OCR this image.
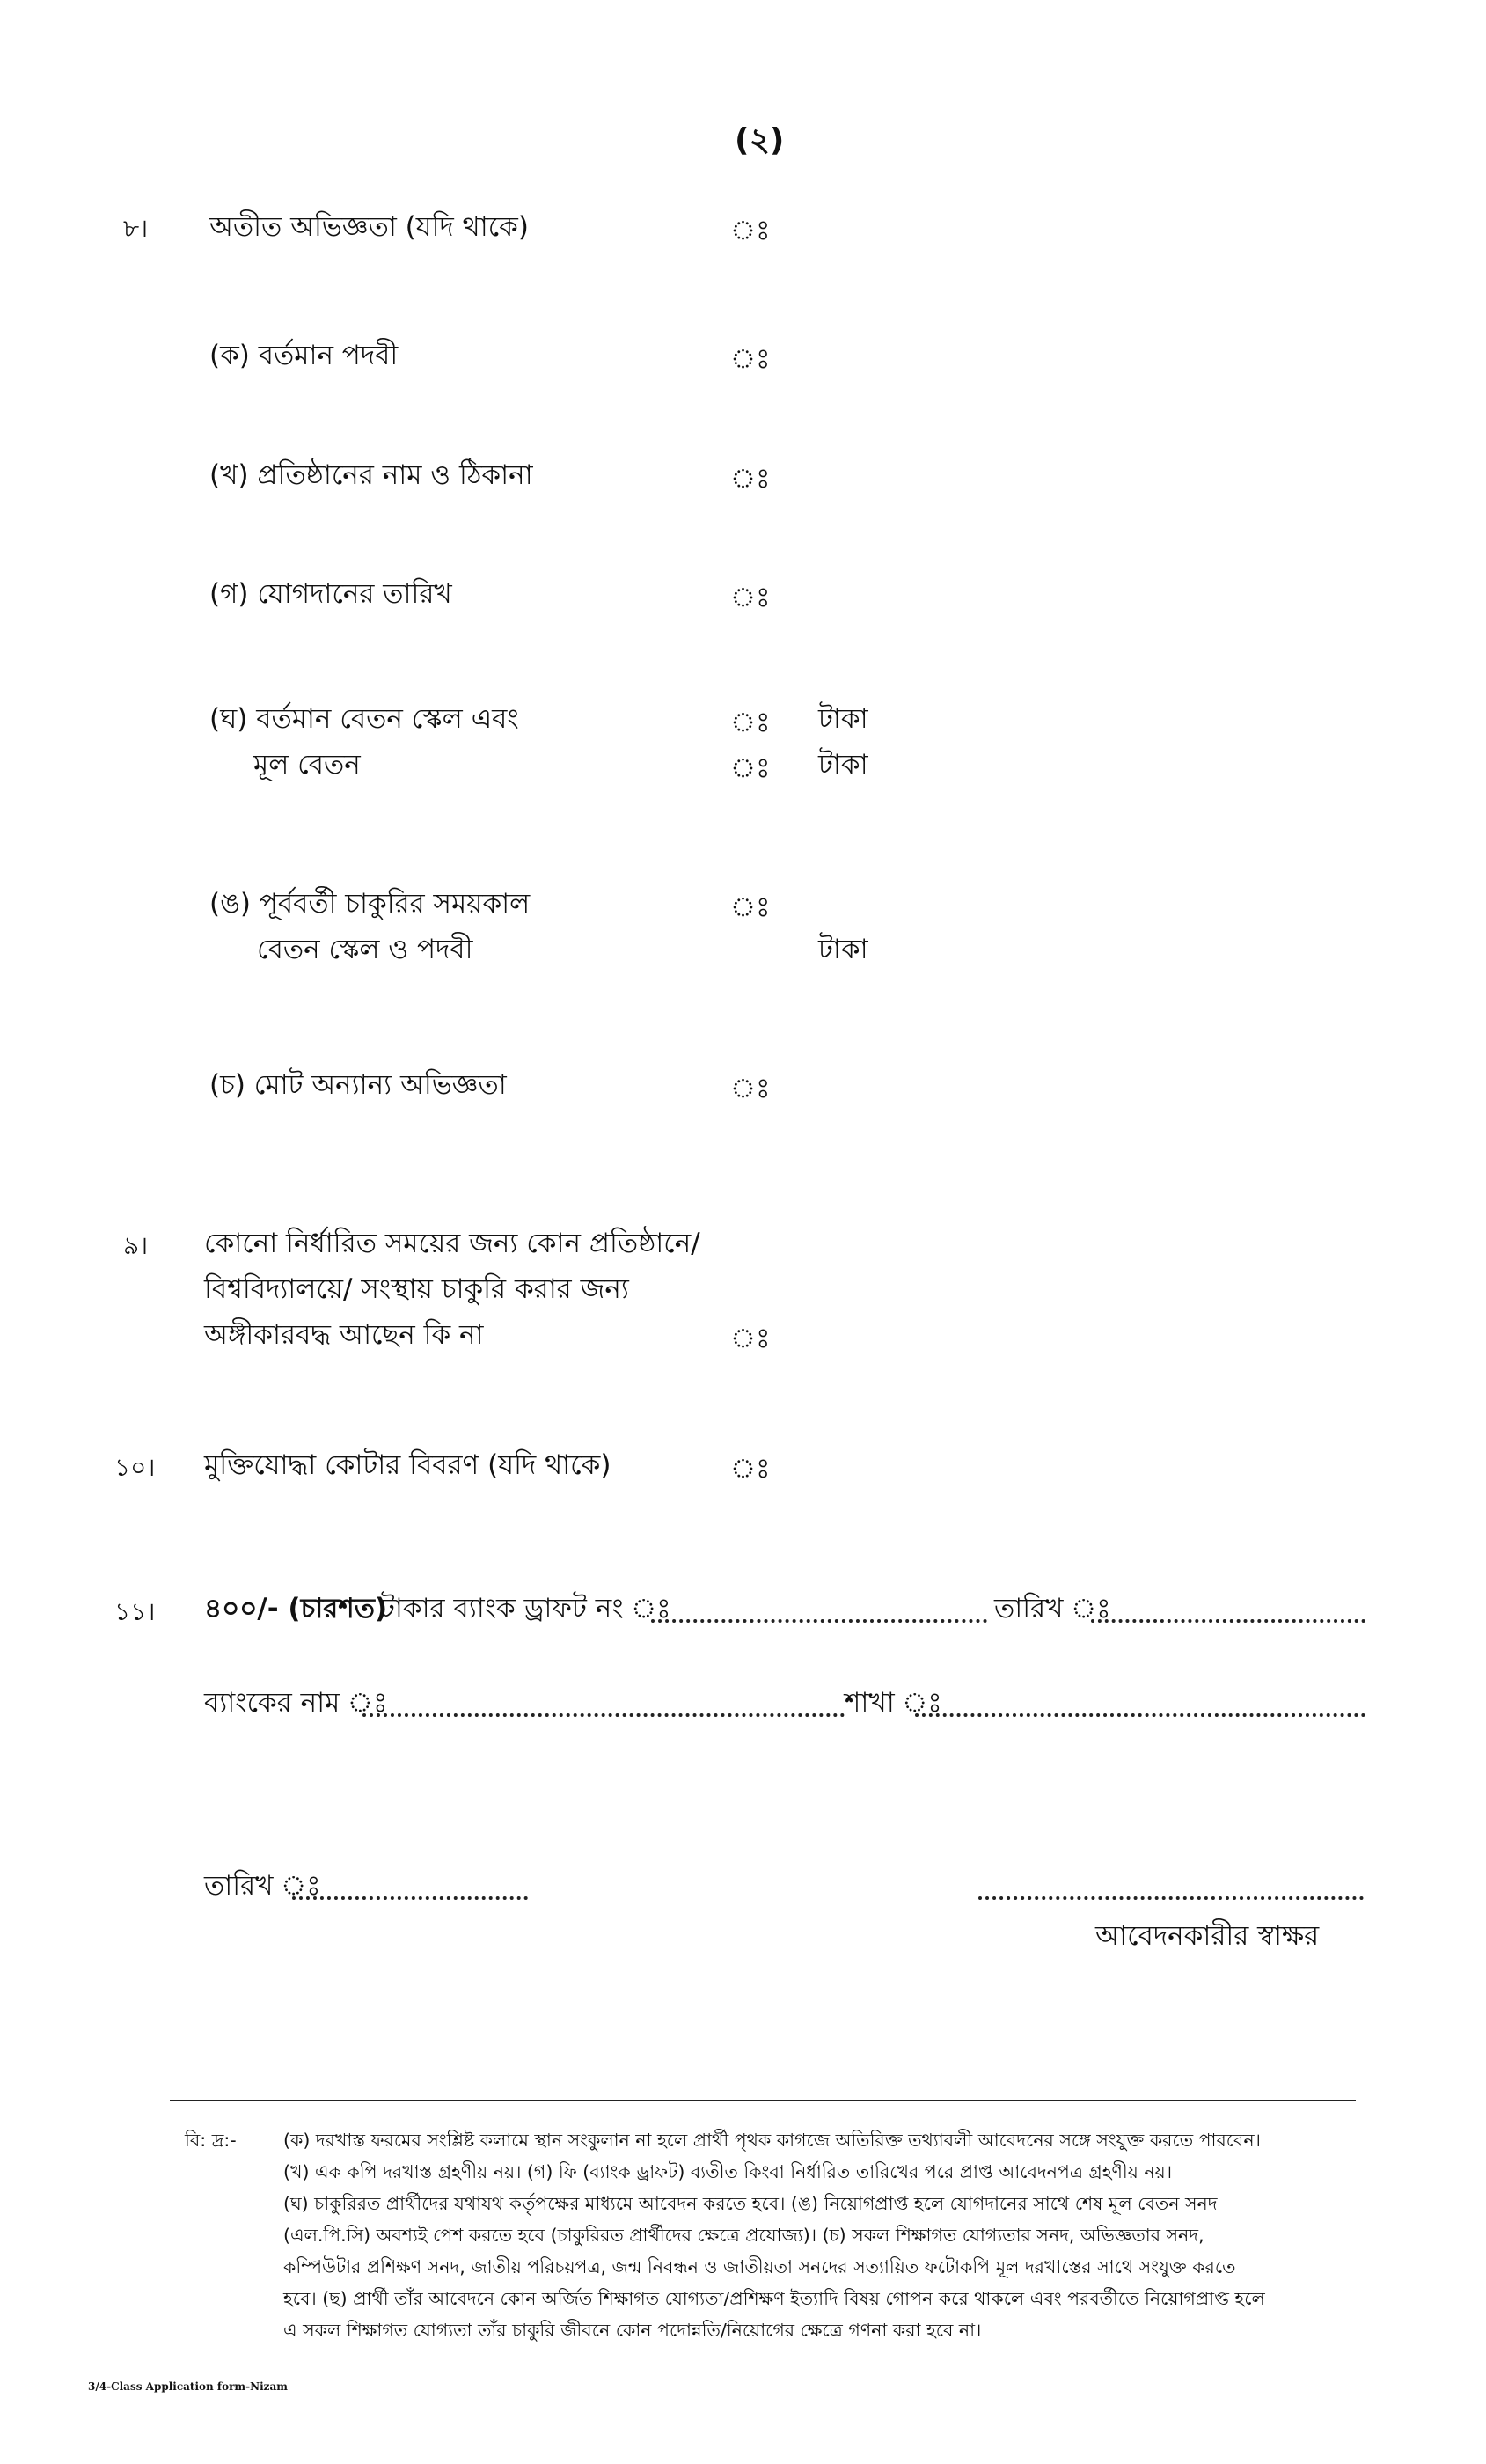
(২)
৮। অতীত অভিজ্ঞতা (যদি থাকে)	ঃ
(ক) বর্তমান পদবী	ঃ
(খ) প্রতিষ্ঠানের নাম ও ঠিকানা	ঃ
(গ) যোগদানের তারিখ	ঃ
(ঘ) বর্তমান বেতন স্কেল এবং	ঃ টাকা
মূল বেতন	ঃ টাকা
(ঙ) পূর্ববর্তী চাকুরির সময়কাল	ঃ
বেতন স্কেল ও পদবী	টাকা
(চ) মোট অন্যান্য অভিজ্ঞতা	ঃ
৯। কোনো নির্ধারিত সময়ের জন্য কোন প্রতিষ্ঠানে/
বিশ্ববিদ্যালয়ে/ সংস্থায় চাকুরি করার জন্য
অঙ্গীকারবদ্ধ আছেন কি না	ঃ
১০। মুক্তিযোদ্ধা কোটার বিবরণ (যদি থাকে)	ঃ
১১। ৪০০/- (চারশত)
টাকার ব্যাংক ড্রাফট নং ঃ	তারিখ ঃ
ব্যাংকের নাম ঃ	শাখা ঃ
তারিখ ঃ
আবেদনকারীর স্বাক্ষর
বি: দ্র:-	(ক) দরখাস্ত ফরমের সংশ্লিষ্ট কলামে স্থান সংকুলান না হলে প্রার্থী পৃথক কাগজে অতিরিক্ত তথ্যাবলী আবেদনের সঙ্গে সংযুক্ত করতে পারবেন।
(খ) এক কপি দরখাস্ত গ্রহণীয় নয়। (গ) ফি (ব্যাংক ড্রাফট) ব্যতীত কিংবা নির্ধারিত তারিখের পরে প্রাপ্ত আবেদনপত্র গ্রহণীয় নয়।
(ঘ) চাকুরিরত প্রার্থীদের যথাযথ কর্তৃপক্ষের মাধ্যমে আবেদন করতে হবে। (ঙ) নিয়োগপ্রাপ্ত হলে যোগদানের সাথে শেষ মূল বেতন সনদ
(এল.পি.সি) অবশ্যই পেশ করতে হবে (চাকুরিরত প্রার্থীদের ক্ষেত্রে প্রযোজ্য)। (চ) সকল শিক্ষাগত যোগ্যতার সনদ, অভিজ্ঞতার সনদ,
কম্পিউটার প্রশিক্ষণ সনদ, জাতীয় পরিচয়পত্র, জন্ম নিবন্ধন ও জাতীয়তা সনদের সত্যায়িত ফটোকপি মূল দরখাস্তের সাথে সংযুক্ত করতে
হবে। (ছ) প্রার্থী তাঁর আবেদনে কোন অর্জিত শিক্ষাগত যোগ্যতা/প্রশিক্ষণ ইত্যাদি বিষয় গোপন করে থাকলে এবং পরবর্তীতে নিয়োগপ্রাপ্ত হলে
এ সকল শিক্ষাগত যোগ্যতা তাঁর চাকুরি জীবনে কোন পদোন্নতি/নিয়োগের ক্ষেত্রে গণনা করা হবে না।
3/4-Class Application form-Nizam
